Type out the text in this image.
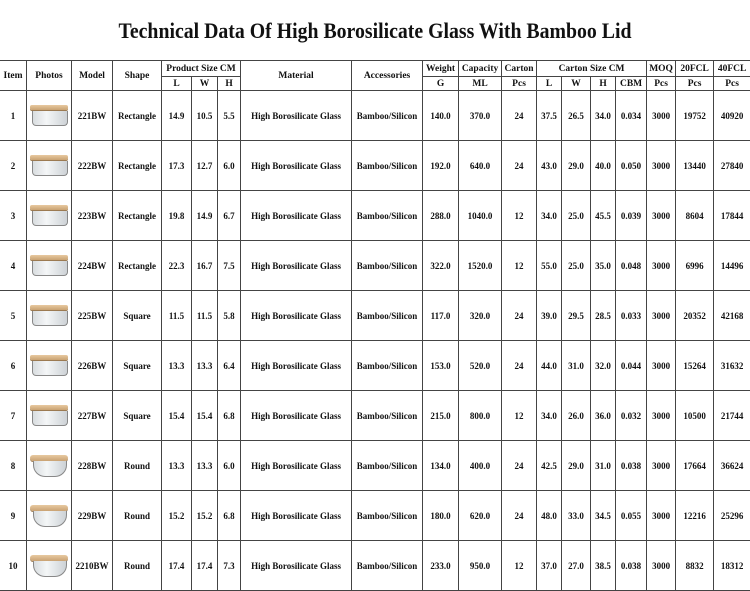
Technical Data Of High Borosilicate Glass With Bamboo Lid
Item	Photos	Model	Shape	Product Size CM			Material	Accessories	Weight	Capacity	Carton	Carton Size CM				MOQ	20FCL	40FCL
				L	W	H			G	ML	Pcs	L	W	H	CBM	Pcs	Pcs	Pcs
1		221BW	Rectangle	14.9	10.5	5.5	High Borosilicate Glass	Bamboo/Silicon	140.0	370.0	24	37.5	26.5	34.0	0.034	3000	19752	40920
2		222BW	Rectangle	17.3	12.7	6.0	High Borosilicate Glass	Bamboo/Silicon	192.0	640.0	24	43.0	29.0	40.0	0.050	3000	13440	27840
3		223BW	Rectangle	19.8	14.9	6.7	High Borosilicate Glass	Bamboo/Silicon	288.0	1040.0	12	34.0	25.0	45.5	0.039	3000	8604	17844
4		224BW	Rectangle	22.3	16.7	7.5	High Borosilicate Glass	Bamboo/Silicon	322.0	1520.0	12	55.0	25.0	35.0	0.048	3000	6996	14496
5		225BW	Square	11.5	11.5	5.8	High Borosilicate Glass	Bamboo/Silicon	117.0	320.0	24	39.0	29.5	28.5	0.033	3000	20352	42168
6		226BW	Square	13.3	13.3	6.4	High Borosilicate Glass	Bamboo/Silicon	153.0	520.0	24	44.0	31.0	32.0	0.044	3000	15264	31632
7		227BW	Square	15.4	15.4	6.8	High Borosilicate Glass	Bamboo/Silicon	215.0	800.0	12	34.0	26.0	36.0	0.032	3000	10500	21744
8		228BW	Round	13.3	13.3	6.0	High Borosilicate Glass	Bamboo/Silicon	134.0	400.0	24	42.5	29.0	31.0	0.038	3000	17664	36624
9		229BW	Round	15.2	15.2	6.8	High Borosilicate Glass	Bamboo/Silicon	180.0	620.0	24	48.0	33.0	34.5	0.055	3000	12216	25296
10		2210BW	Round	17.4	17.4	7.3	High Borosilicate Glass	Bamboo/Silicon	233.0	950.0	12	37.0	27.0	38.5	0.038	3000	8832	18312
